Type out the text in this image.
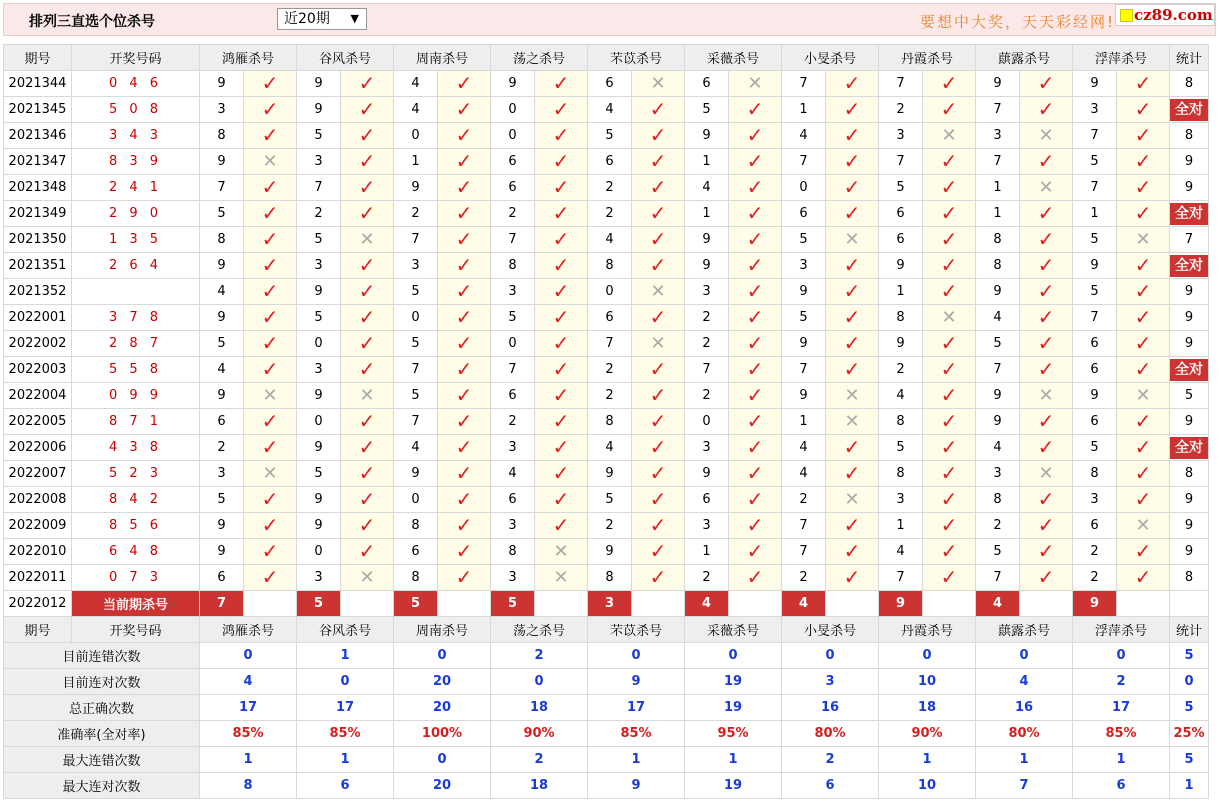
排列三直选个位杀号	近20期 ▼	要想中大奖，天天彩经网!	cz89.com
期号	开奖号码	鸿雁杀号		谷风杀号		周南杀号		荡之杀号		芣苡杀号		采薇杀号		小旻杀号		丹霞杀号		蕻露杀号		浮萍杀号		统计
2021344	0 4 6	9	✓	9	✓	4	✓	9	✓	6	✕	6	✕	7	✓	7	✓	9	✓	9	✓	8
2021345	5 0 8	3	✓	9	✓	4	✓	0	✓	4	✓	5	✓	1	✓	2	✓	7	✓	3	✓	全对
2021346	3 4 3	8	✓	5	✓	0	✓	0	✓	5	✓	9	✓	4	✓	3	✕	3	✕	7	✓	8
2021347	8 3 9	9	✕	3	✓	1	✓	6	✓	6	✓	1	✓	7	✓	7	✓	7	✓	5	✓	9
2021348	2 4 1	7	✓	7	✓	9	✓	6	✓	2	✓	4	✓	0	✓	5	✓	1	✕	7	✓	9
2021349	2 9 0	5	✓	2	✓	2	✓	2	✓	2	✓	1	✓	6	✓	6	✓	1	✓	1	✓	全对
2021350	1 3 5	8	✓	5	✕	7	✓	7	✓	4	✓	9	✓	5	✕	6	✓	8	✓	5	✕	7
2021351	2 6 4	9	✓	3	✓	3	✓	8	✓	8	✓	9	✓	3	✓	9	✓	8	✓	9	✓	全对
2021352		4	✓	9	✓	5	✓	3	✓	0	✕	3	✓	9	✓	1	✓	9	✓	5	✓	9
2022001	3 7 8	9	✓	5	✓	0	✓	5	✓	6	✓	2	✓	5	✓	8	✕	4	✓	7	✓	9
2022002	2 8 7	5	✓	0	✓	5	✓	0	✓	7	✕	2	✓	9	✓	9	✓	5	✓	6	✓	9
2022003	5 5 8	4	✓	3	✓	7	✓	7	✓	2	✓	7	✓	7	✓	2	✓	7	✓	6	✓	全对
2022004	0 9 9	9	✕	9	✕	5	✓	6	✓	2	✓	2	✓	9	✕	4	✓	9	✕	9	✕	5
2022005	8 7 1	6	✓	0	✓	7	✓	2	✓	8	✓	0	✓	1	✕	8	✓	9	✓	6	✓	9
2022006	4 3 8	2	✓	9	✓	4	✓	3	✓	4	✓	3	✓	4	✓	5	✓	4	✓	5	✓	全对
2022007	5 2 3	3	✕	5	✓	9	✓	4	✓	9	✓	9	✓	4	✓	8	✓	3	✕	8	✓	8
2022008	8 4 2	5	✓	9	✓	0	✓	6	✓	5	✓	6	✓	2	✕	3	✓	8	✓	3	✓	9
2022009	8 5 6	9	✓	9	✓	8	✓	3	✓	2	✓	3	✓	7	✓	1	✓	2	✓	6	✕	9
2022010	6 4 8	9	✓	0	✓	6	✓	8	✕	9	✓	1	✓	7	✓	4	✓	5	✓	2	✓	9
2022011	0 7 3	6	✓	3	✕	8	✓	3	✕	8	✓	2	✓	2	✓	7	✓	7	✓	2	✓	8
2022012	当前期杀号	7		5		5		5		3		4		4		9		4		9		
期号	开奖号码	鸿雁杀号		谷风杀号		周南杀号		荡之杀号		芣苡杀号		采薇杀号		小旻杀号		丹霞杀号		蕻露杀号		浮萍杀号		统计
目前连错次数		0		1		0		2		0		0		0		0		0		0		5
目前连对次数		4		0		20		0		9		19		3		10		4		2		0
总正确次数		17		17		20		18		17		19		16		18		16		17		5
准确率(全对率)		85%		85%		100%		90%		85%		95%		80%		90%		80%		85%		25%
最大连错次数		1		1		0		2		1		1		2		1		1		1		5
最大连对次数		8		6		20		18		9		19		6		10		7		6		1
